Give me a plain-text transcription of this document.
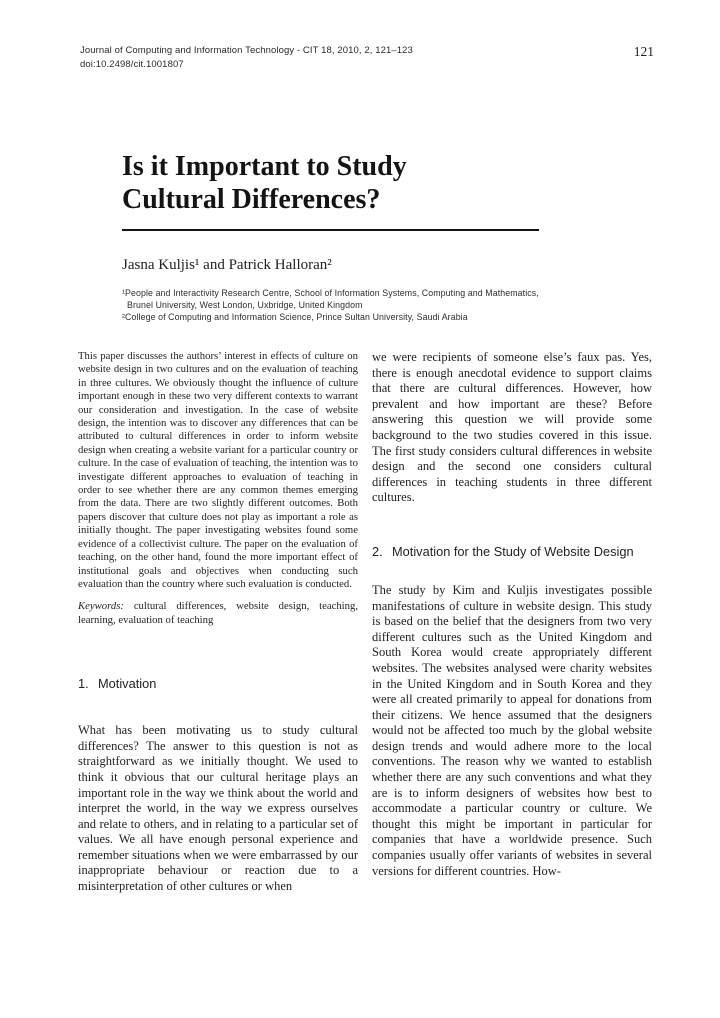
Journal of Computing and Information Technology - CIT 18, 2010, 2, 121–123
doi:10.2498/cit.1001807
121
Is it Important to Study
Cultural Differences?
Jasna Kuljis¹ and Patrick Halloran²
¹People and Interactivity Research Centre, School of Information Systems, Computing and Mathematics,
Brunel University, West London, Uxbridge, United Kingdom
²College of Computing and Information Science, Prince Sultan University, Saudi Arabia
This paper discusses the authors’ interest in effects of culture on website design in two cultures and on the evaluation of teaching in three cultures. We obviously thought the influence of culture important enough in these two very different contexts to warrant our consideration and investigation. In the case of website design, the intention was to discover any differences that can be attributed to cultural differences in order to inform website design when creating a website variant for a particular country or culture. In the case of evaluation of teaching, the intention was to investigate different approaches to evaluation of teaching in order to see whether there are any common themes emerging from the data. There are two slightly different outcomes. Both papers discover that culture does not play as important a role as initially thought. The paper investigating websites found some evidence of a collectivist culture. The paper on the evaluation of teaching, on the other hand, found the more important effect of institutional goals and objectives when conducting such evaluation than the country where such evaluation is conducted.
Keywords: cultural differences, website design, teaching, learning, evaluation of teaching
1. Motivation
What has been motivating us to study cultural differences? The answer to this question is not as straightforward as we initially thought. We used to think it obvious that our cultural heritage plays an important role in the way we think about the world and interpret the world, in the way we express ourselves and relate to others, and in relating to a particular set of values. We all have enough personal experience and remember situations when we were embarrassed by our inappropriate behaviour or reaction due to a misinterpretation of other cultures or when
we were recipients of someone else’s faux pas. Yes, there is enough anecdotal evidence to support claims that there are cultural differences. However, how prevalent and how important are these? Before answering this question we will provide some background to the two studies covered in this issue. The first study considers cultural differences in website design and the second one considers cultural differences in teaching students in three different cultures.
2. Motivation for the Study of Website Design
The study by Kim and Kuljis investigates possible manifestations of culture in website design. This study is based on the belief that the designers from two very different cultures such as the United Kingdom and South Korea would create appropriately different websites. The websites analysed were charity websites in the United Kingdom and in South Korea and they were all created primarily to appeal for donations from their citizens. We hence assumed that the designers would not be affected too much by the global website design trends and would adhere more to the local conventions. The reason why we wanted to establish whether there are any such conventions and what they are is to inform designers of websites how best to accommodate a particular country or culture. We thought this might be important in particular for companies that have a worldwide presence. Such companies usually offer variants of websites in several versions for different countries. How-
